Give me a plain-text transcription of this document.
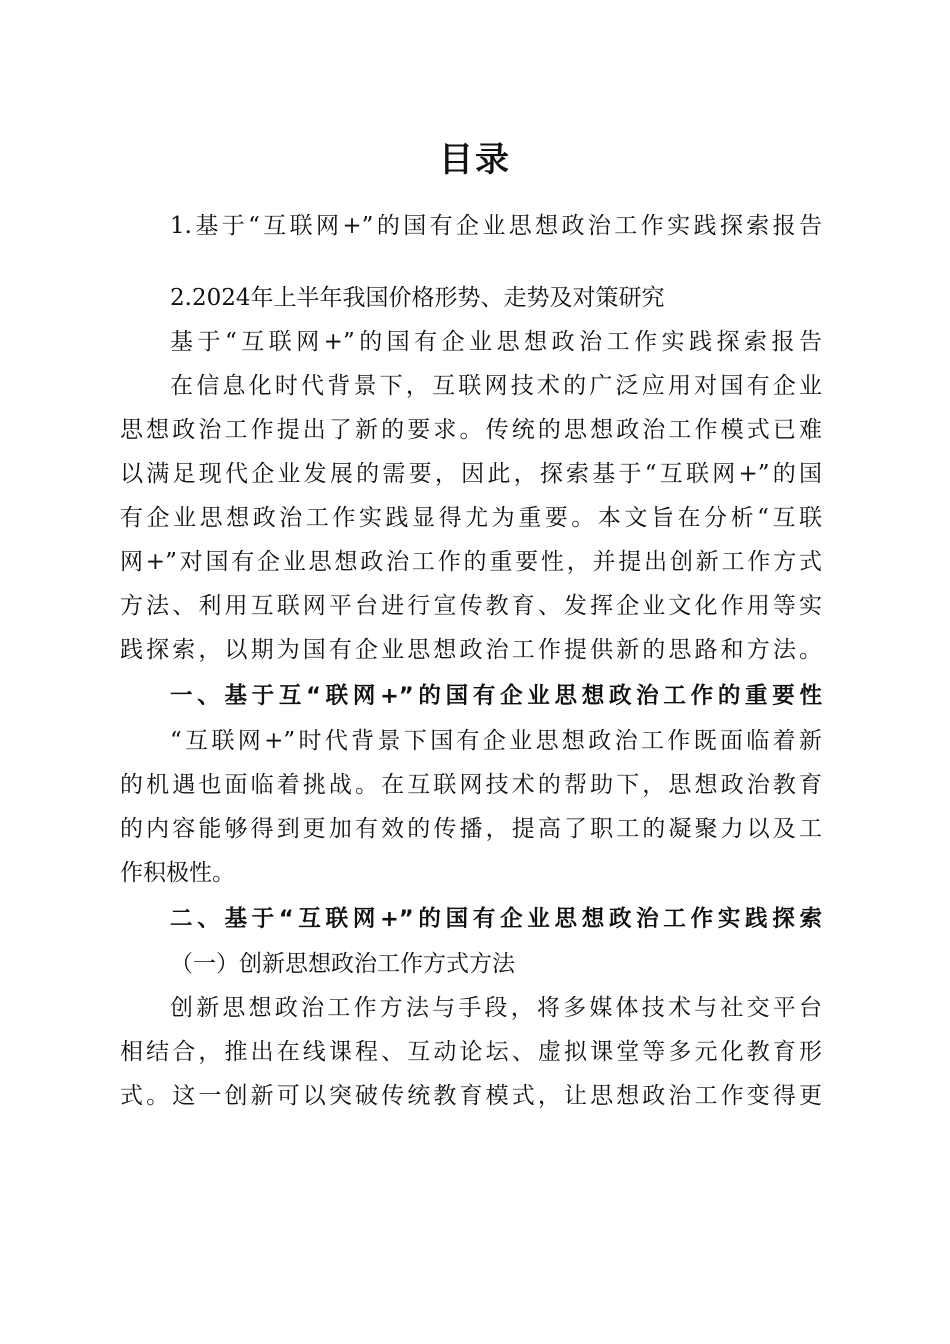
目录
1.基于“互联网+”的国有企业思想政治工作实践探索报告
2.2024年上半年我国价格形势、走势及对策研究
基于“互联网+”的国有企业思想政治工作实践探索报告
在信息化时代背景下，互联网技术的广泛应用对国有企业
思想政治工作提出了新的要求。传统的思想政治工作模式已难
以满足现代企业发展的需要，因此，探索基于“互联网+”的国
有企业思想政治工作实践显得尤为重要。本文旨在分析“互联
网+”对国有企业思想政治工作的重要性，并提出创新工作方式
方法、利用互联网平台进行宣传教育、发挥企业文化作用等实
践探索，以期为国有企业思想政治工作提供新的思路和方法。
一、基于互“联网+”的国有企业思想政治工作的重要性
“互联网+”时代背景下国有企业思想政治工作既面临着新
的机遇也面临着挑战。在互联网技术的帮助下，思想政治教育
的内容能够得到更加有效的传播，提高了职工的凝聚力以及工
作积极性。
二、基于“互联网+”的国有企业思想政治工作实践探索
（一）创新思想政治工作方式方法
创新思想政治工作方法与手段，将多媒体技术与社交平台
相结合，推出在线课程、互动论坛、虚拟课堂等多元化教育形
式。这一创新可以突破传统教育模式，让思想政治工作变得更
